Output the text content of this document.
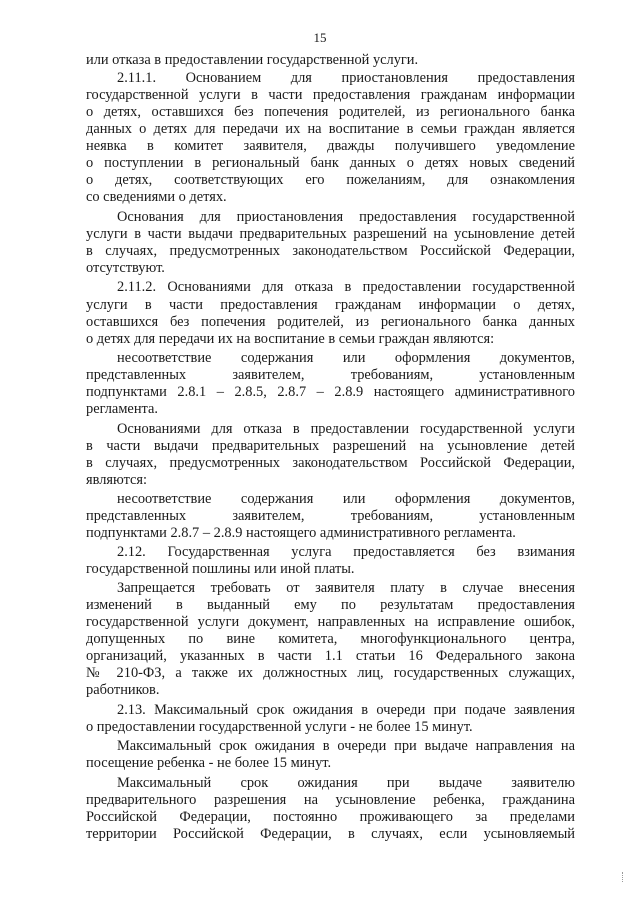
15
или отказа в предоставлении государственной услуги.
2.11.1. Основанием для приостановления предоставления
государственной услуги в части предоставления гражданам информации
о детях, оставшихся без попечения родителей, из регионального банка
данных о детях для передачи их на воспитание в семьи граждан является
неявка в комитет заявителя, дважды получившего уведомление
о поступлении в региональный банк данных о детях новых сведений
о детях, соответствующих его пожеланиям, для ознакомления
со сведениями о детях.
Основания для приостановления предоставления государственной
услуги в части выдачи предварительных разрешений на усыновление детей
в случаях, предусмотренных законодательством Российской Федерации,
отсутствуют.
2.11.2. Основаниями для отказа в предоставлении государственной
услуги в части предоставления гражданам информации о детях,
оставшихся без попечения родителей, из регионального банка данных
о детях для передачи их на воспитание в семьи граждан являются:
несоответствие содержания или оформления документов,
представленных заявителем, требованиям, установленным
подпунктами 2.8.1 – 2.8.5, 2.8.7 – 2.8.9 настоящего административного
регламента.
Основаниями для отказа в предоставлении государственной услуги
в части выдачи предварительных разрешений на усыновление детей
в случаях, предусмотренных законодательством Российской Федерации,
являются:
несоответствие содержания или оформления документов,
представленных заявителем, требованиям, установленным
подпунктами 2.8.7 – 2.8.9 настоящего административного регламента.
2.12. Государственная услуга предоставляется без взимания
государственной пошлины или иной платы.
Запрещается требовать от заявителя плату в случае внесения
изменений в выданный ему по результатам предоставления
государственной услуги документ, направленных на исправление ошибок,
допущенных по вине комитета, многофункционального центра,
организаций, указанных в части 1.1 статьи 16 Федерального закона
№ 210-ФЗ, а также их должностных лиц, государственных служащих,
работников.
2.13. Максимальный срок ожидания в очереди при подаче заявления
о предоставлении государственной услуги - не более 15 минут.
Максимальный срок ожидания в очереди при выдаче направления на
посещение ребенка - не более 15 минут.
Максимальный срок ожидания при выдаче заявителю
предварительного разрешения на усыновление ребенка, гражданина
Российской Федерации, постоянно проживающего за пределами
территории Российской Федерации, в случаях, если усыновляемый
